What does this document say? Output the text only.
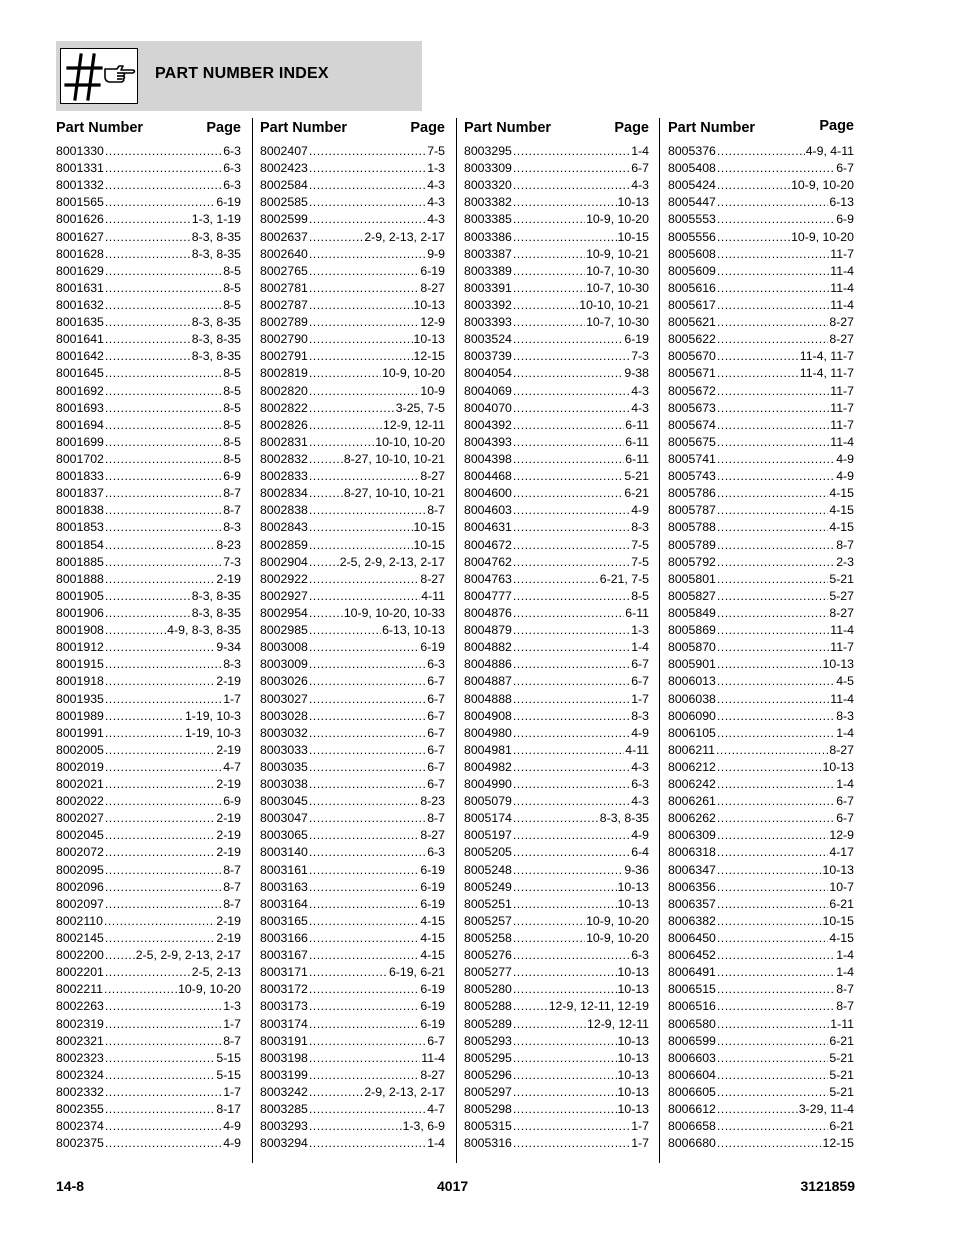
PART NUMBER INDEX
Part Number	Page
8001330 .....	6-3
8001331 .....	6-3
8001332 .....	6-3
8001565 .....	6-19
8001626 .....	1-3, 1-19
8001627 .....	8-3, 8-35
8001628 .....	8-3, 8-35
8001629 .....	8-5
8001631 .....	8-5
8001632 .....	8-5
8001635 .....	8-3, 8-35
8001641 .....	8-3, 8-35
8001642 .....	8-3, 8-35
8001645 .....	8-5
8001692 .....	8-5
8001693 .....	8-5
8001694 .....	8-5
8001699 .....	8-5
8001702 .....	8-5
8001833 .....	6-9
8001837 .....	8-7
8001838 .....	8-7
8001853 .....	8-3
8001854 .....	8-23
8001885 .....	7-3
8001888 .....	2-19
8001905 .....	8-3, 8-35
8001906 .....	8-3, 8-35
8001908 .....	4-9, 8-3, 8-35
8001912 .....	9-34
8001915 .....	8-3
8001918 .....	2-19
8001935 .....	1-7
8001989 .....	1-19, 10-3
8001991 .....	1-19, 10-3
8002005 .....	2-19
8002019 .....	4-7
8002021 .....	2-19
8002022 .....	6-9
8002027 .....	2-19
8002045 .....	2-19
8002072 .....	2-19
8002095 .....	8-7
8002096 .....	8-7
8002097 .....	8-7
8002110 .....	2-19
8002145 .....	2-19
8002200 .....	2-5, 2-9, 2-13, 2-17
8002201 .....	2-5, 2-13
8002211 .....	10-9, 10-20
8002263 .....	1-3
8002319 .....	1-7
8002321 .....	8-7
8002323 .....	5-15
8002324 .....	5-15
8002332 .....	1-7
8002355 .....	8-17
8002374 .....	4-9
8002375 .....	4-9
Part Number	Page
8002407 .....	7-5
8002423 .....	1-3
8002584 .....	4-3
8002585 .....	4-3
8002599 .....	4-3
8002637 .....	2-9, 2-13, 2-17
8002640 .....	9-9
8002765 .....	6-19
8002781 .....	8-27
8002787 .....	10-13
8002789 .....	12-9
8002790 .....	10-13
8002791 .....	12-15
8002819 .....	10-9, 10-20
8002820 .....	10-9
8002822 .....	3-25, 7-5
8002826 .....	12-9, 12-11
8002831 .....	10-10, 10-20
8002832 .....	8-27, 10-10, 10-21
8002833 .....	8-27
8002834 .....	8-27, 10-10, 10-21
8002838 .....	8-7
8002843 .....	10-15
8002859 .....	10-15
8002904 .....	2-5, 2-9, 2-13, 2-17
8002922 .....	8-27
8002927 .....	4-11
8002954 .....	10-9, 10-20, 10-33
8002985 .....	6-13, 10-13
8003008 .....	6-19
8003009 .....	6-3
8003026 .....	6-7
8003027 .....	6-7
8003028 .....	6-7
8003032 .....	6-7
8003033 .....	6-7
8003035 .....	6-7
8003038 .....	6-7
8003045 .....	8-23
8003047 .....	8-7
8003065 .....	8-27
8003140 .....	6-3
8003161 .....	6-19
8003163 .....	6-19
8003164 .....	6-19
8003165 .....	4-15
8003166 .....	4-15
8003167 .....	4-15
8003171 .....	6-19, 6-21
8003172 .....	6-19
8003173 .....	6-19
8003174 .....	6-19
8003191 .....	6-7
8003198 .....	11-4
8003199 .....	8-27
8003242 .....	2-9, 2-13, 2-17
8003285 .....	4-7
8003293 .....	1-3, 6-9
8003294 .....	1-4
Part Number	Page
8003295 .....	1-4
8003309 .....	6-7
8003320 .....	4-3
8003382 .....	10-13
8003385 .....	10-9, 10-20
8003386 .....	10-15
8003387 .....	10-9, 10-21
8003389 .....	10-7, 10-30
8003391 .....	10-7, 10-30
8003392 .....	10-10, 10-21
8003393 .....	10-7, 10-30
8003524 .....	6-19
8003739 .....	7-3
8004054 .....	9-38
8004069 .....	4-3
8004070 .....	4-3
8004392 .....	6-11
8004393 .....	6-11
8004398 .....	6-11
8004468 .....	5-21
8004600 .....	6-21
8004603 .....	4-9
8004631 .....	8-3
8004672 .....	7-5
8004762 .....	7-5
8004763 .....	6-21, 7-5
8004777 .....	8-5
8004876 .....	6-11
8004879 .....	1-3
8004882 .....	1-4
8004886 .....	6-7
8004887 .....	6-7
8004888 .....	1-7
8004908 .....	8-3
8004980 .....	4-9
8004981 .....	4-11
8004982 .....	4-3
8004990 .....	6-3
8005079 .....	4-3
8005174 .....	8-3, 8-35
8005197 .....	4-9
8005205 .....	6-4
8005248 .....	9-36
8005249 .....	10-13
8005251 .....	10-13
8005257 .....	10-9, 10-20
8005258 .....	10-9, 10-20
8005276 .....	6-3
8005277 .....	10-13
8005280 .....	10-13
8005288 .....	12-9, 12-11, 12-19
8005289 .....	12-9, 12-11
8005293 .....	10-13
8005295 .....	10-13
8005296 .....	10-13
8005297 .....	10-13
8005298 .....	10-13
8005315 .....	1-7
8005316 .....	1-7
Part Number	Page
8005376 .....	4-9, 4-11
8005408 .....	6-7
8005424 .....	10-9, 10-20
8005447 .....	6-13
8005553 .....	6-9
8005556 .....	10-9, 10-20
8005608 .....	11-7
8005609 .....	11-4
8005616 .....	11-4
8005617 .....	11-4
8005621 .....	8-27
8005622 .....	8-27
8005670 .....	11-4, 11-7
8005671 .....	11-4, 11-7
8005672 .....	11-7
8005673 .....	11-7
8005674 .....	11-7
8005675 .....	11-4
8005741 .....	4-9
8005743 .....	4-9
8005786 .....	4-15
8005787 .....	4-15
8005788 .....	4-15
8005789 .....	8-7
8005792 .....	2-3
8005801 .....	5-21
8005827 .....	5-27
8005849 .....	8-27
8005869 .....	11-4
8005870 .....	11-7
8005901 .....	10-13
8006013 .....	4-5
8006038 .....	11-4
8006090 .....	8-3
8006105 .....	1-4
8006211 .....	8-27
8006212 .....	10-13
8006242 .....	1-4
8006261 .....	6-7
8006262 .....	6-7
8006309 .....	12-9
8006318 .....	4-17
8006347 .....	10-13
8006356 .....	10-7
8006357 .....	6-21
8006382 .....	10-15
8006450 .....	4-15
8006452 .....	1-4
8006491 .....	1-4
8006515 .....	8-7
8006516 .....	8-7
8006580 .....	1-11
8006599 .....	6-21
8006603 .....	5-21
8006604 .....	5-21
8006605 .....	5-21
8006612 .....	3-29, 11-4
8006658 .....	6-21
8006680 .....	12-15
14-8	4017	3121859
